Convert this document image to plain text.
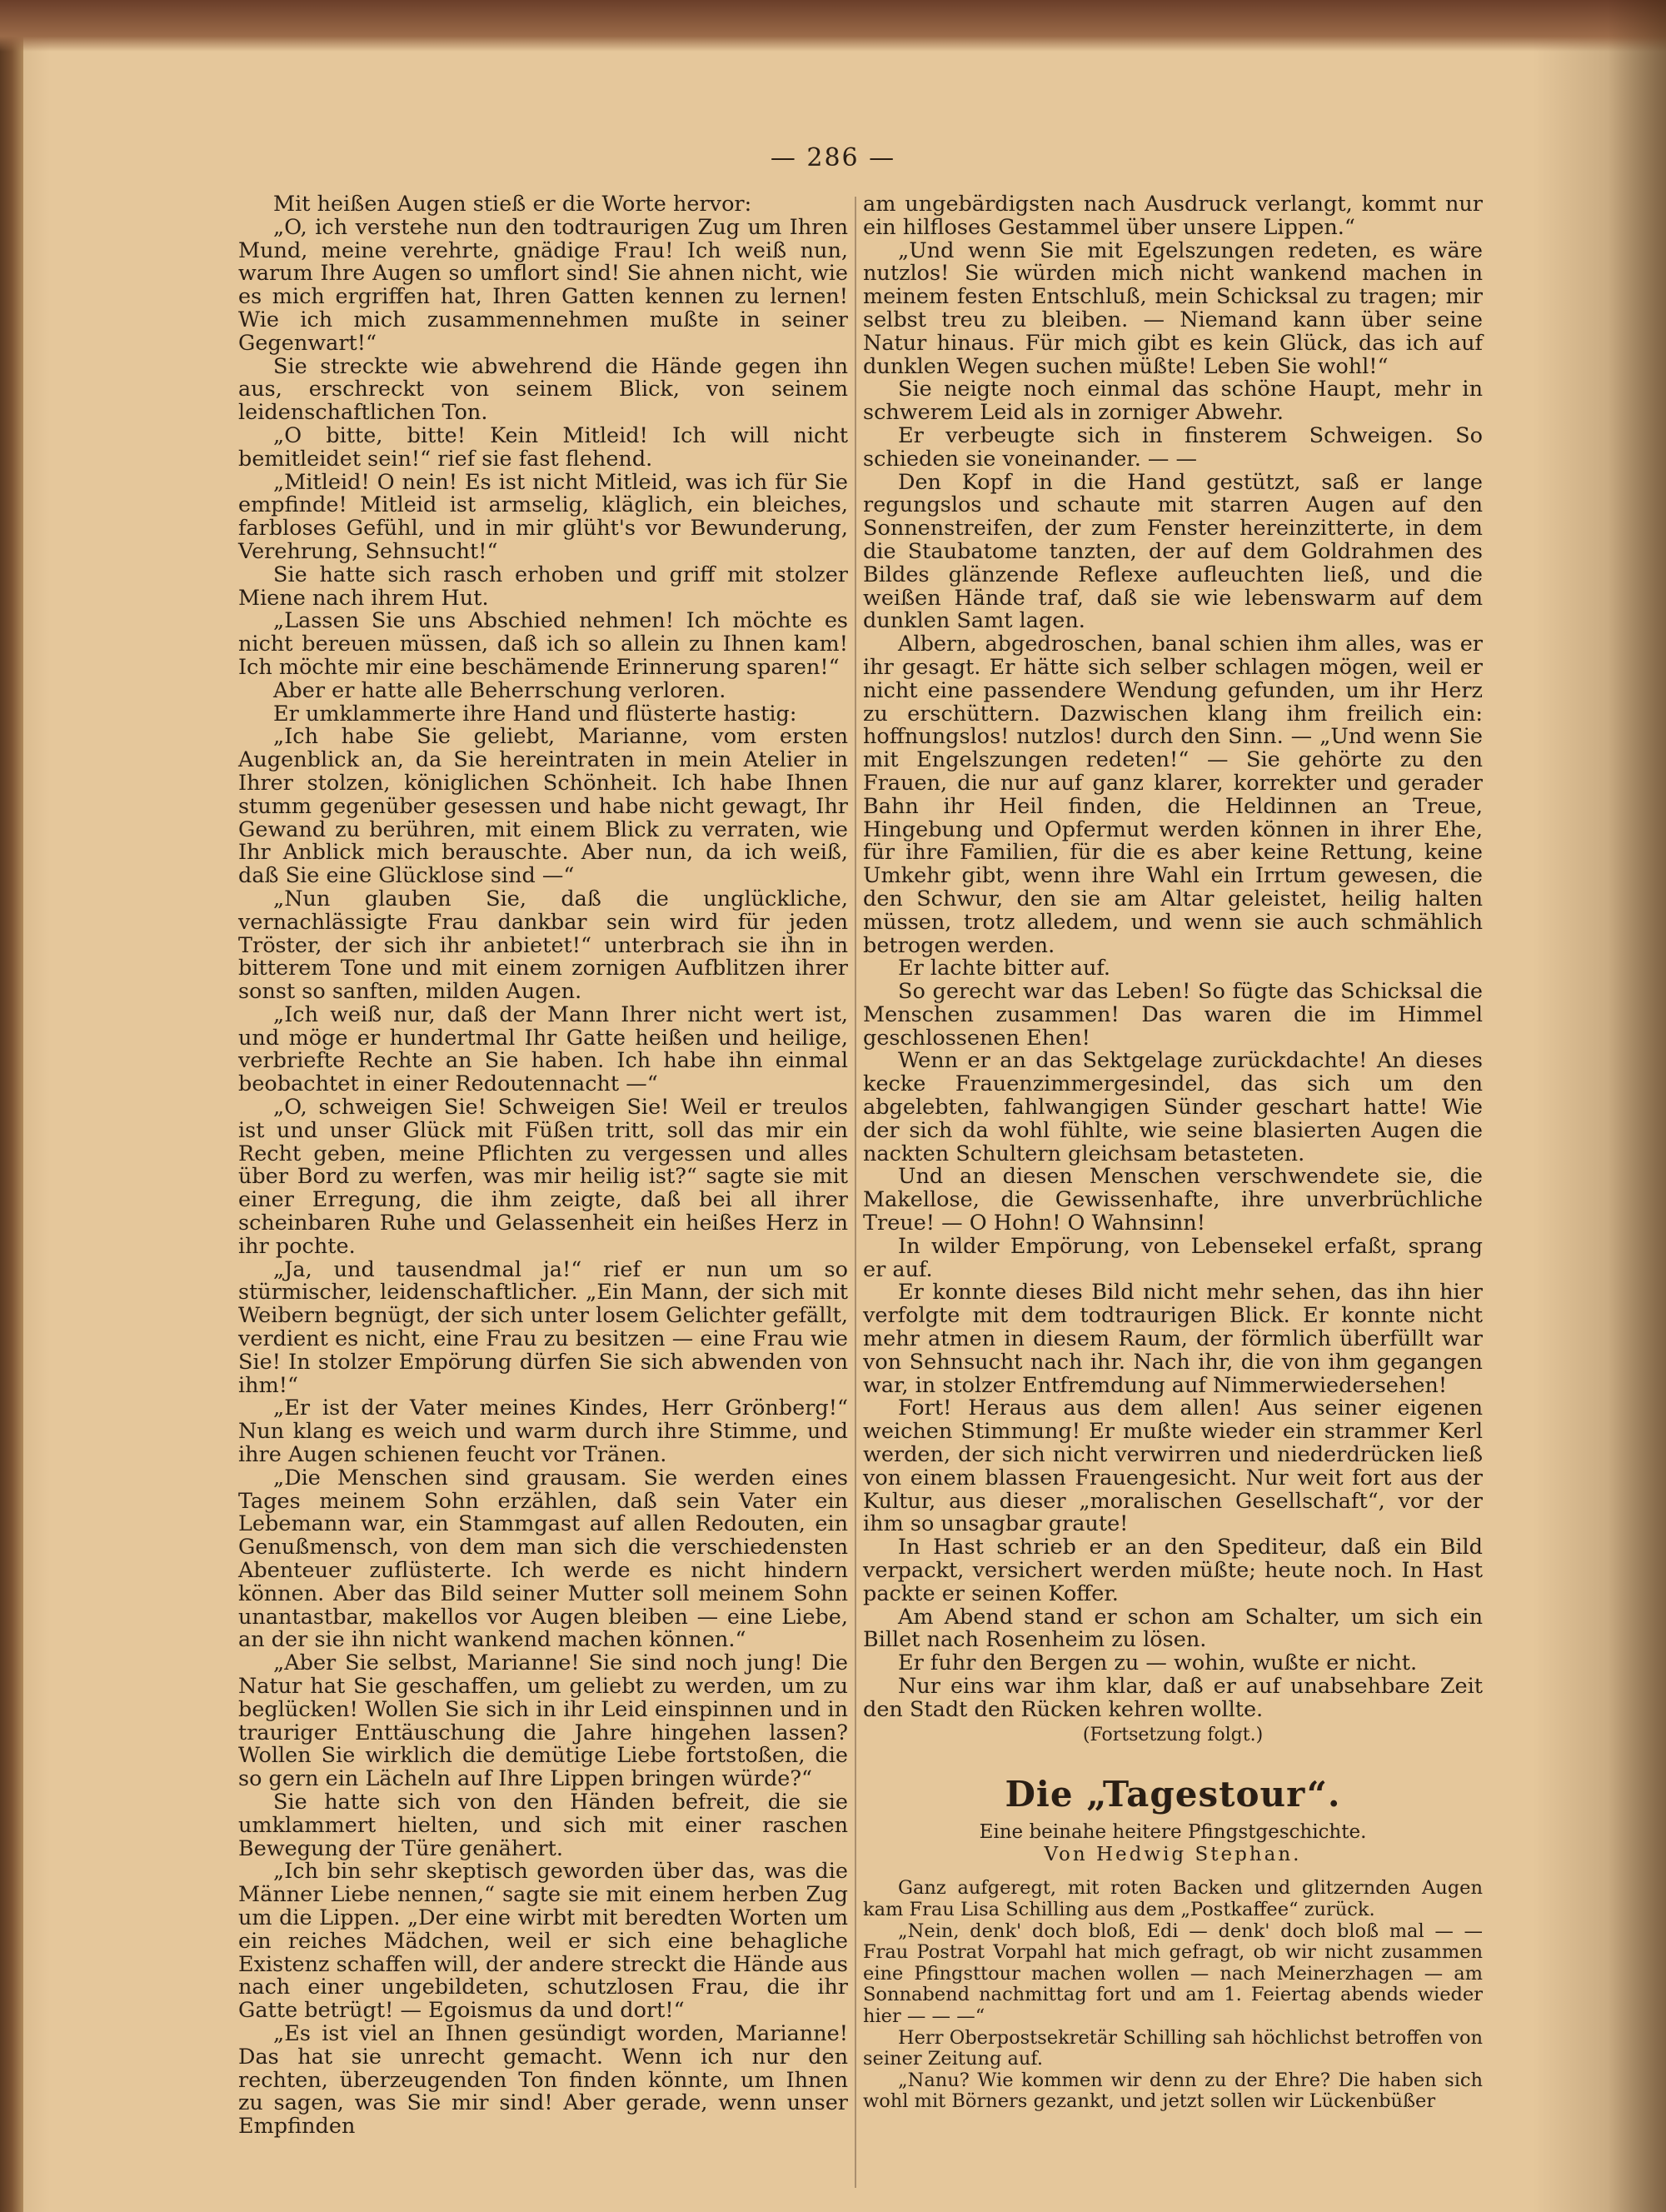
— 286 —

Mit heißen Augen stieß er die Worte hervor:

„O, ich verstehe nun den todtraurigen Zug um Ihren Mund, meine verehrte, gnädige Frau! Ich weiß nun, warum Ihre Augen so umflort sind! Sie ahnen nicht, wie es mich ergriffen hat, Ihren Gatten kennen zu lernen! Wie ich mich zusammennehmen mußte in seiner Gegenwart!“

Sie streckte wie abwehrend die Hände gegen ihn aus, erschreckt von seinem Blick, von seinem leidenschaftlichen Ton.

„O bitte, bitte! Kein Mitleid! Ich will nicht bemitleidet sein!“ rief sie fast flehend.

„Mitleid! O nein! Es ist nicht Mitleid, was ich für Sie empfinde! Mitleid ist armselig, kläglich, ein bleiches, farbloses Gefühl, und in mir glüht's vor Bewunderung, Verehrung, Sehnsucht!“

Sie hatte sich rasch erhoben und griff mit stolzer Miene nach ihrem Hut.

„Lassen Sie uns Abschied nehmen! Ich möchte es nicht bereuen müssen, daß ich so allein zu Ihnen kam! Ich möchte mir eine beschämende Erinnerung sparen!“

Aber er hatte alle Beherrschung verloren.

Er umklammerte ihre Hand und flüsterte hastig:

„Ich habe Sie geliebt, Marianne, vom ersten Augenblick an, da Sie hereintraten in mein Atelier in Ihrer stolzen, königlichen Schönheit. Ich habe Ihnen stumm gegenüber gesessen und habe nicht gewagt, Ihr Gewand zu berühren, mit einem Blick zu verraten, wie Ihr Anblick mich berauschte. Aber nun, da ich weiß, daß Sie eine Glücklose sind —“

„Nun glauben Sie, daß die unglückliche, vernachlässigte Frau dankbar sein wird für jeden Tröster, der sich ihr anbietet!“ unterbrach sie ihn in bitterem Tone und mit einem zornigen Aufblitzen ihrer sonst so sanften, milden Augen.

„Ich weiß nur, daß der Mann Ihrer nicht wert ist, und möge er hundertmal Ihr Gatte heißen und heilige, verbriefte Rechte an Sie haben. Ich habe ihn einmal beobachtet in einer Redoutennacht —“

„O, schweigen Sie! Schweigen Sie! Weil er treulos ist und unser Glück mit Füßen tritt, soll das mir ein Recht geben, meine Pflichten zu vergessen und alles über Bord zu werfen, was mir heilig ist?“ sagte sie mit einer Erregung, die ihm zeigte, daß bei all ihrer scheinbaren Ruhe und Gelassenheit ein heißes Herz in ihr pochte.

„Ja, und tausendmal ja!“ rief er nun um so stürmischer, leidenschaftlicher. „Ein Mann, der sich mit Weibern begnügt, der sich unter losem Gelichter gefällt, verdient es nicht, eine Frau zu besitzen — eine Frau wie Sie! In stolzer Empörung dürfen Sie sich abwenden von ihm!“

„Er ist der Vater meines Kindes, Herr Grönberg!“ Nun klang es weich und warm durch ihre Stimme, und ihre Augen schienen feucht vor Tränen.

„Die Menschen sind grausam. Sie werden eines Tages meinem Sohn erzählen, daß sein Vater ein Lebemann war, ein Stammgast auf allen Redouten, ein Genußmensch, von dem man sich die verschiedensten Abenteuer zuflüsterte. Ich werde es nicht hindern können. Aber das Bild seiner Mutter soll meinem Sohn unantastbar, makellos vor Augen bleiben — eine Liebe, an der sie ihn nicht wankend machen können.“

„Aber Sie selbst, Marianne! Sie sind noch jung! Die Natur hat Sie geschaffen, um geliebt zu werden, um zu beglücken! Wollen Sie sich in ihr Leid einspinnen und in trauriger Enttäuschung die Jahre hingehen lassen? Wollen Sie wirklich die demütige Liebe fortstoßen, die so gern ein Lächeln auf Ihre Lippen bringen würde?“

Sie hatte sich von den Händen befreit, die sie umklammert hielten, und sich mit einer raschen Bewegung der Türe genähert.

„Ich bin sehr skeptisch geworden über das, was die Männer Liebe nennen,“ sagte sie mit einem herben Zug um die Lippen. „Der eine wirbt mit beredten Worten um ein reiches Mädchen, weil er sich eine behagliche Existenz schaffen will, der andere streckt die Hände aus nach einer ungebildeten, schutzlosen Frau, die ihr Gatte betrügt! — Egoismus da und dort!“

„Es ist viel an Ihnen gesündigt worden, Marianne! Das hat sie unrecht gemacht. Wenn ich nur den rechten, überzeugenden Ton finden könnte, um Ihnen zu sagen, was Sie mir sind! Aber gerade, wenn unser Empfinden

am ungebärdigsten nach Ausdruck verlangt, kommt nur ein hilfloses Gestammel über unsere Lippen.“

„Und wenn Sie mit Egelszungen redeten, es wäre nutzlos! Sie würden mich nicht wankend machen in meinem festen Entschluß, mein Schicksal zu tragen; mir selbst treu zu bleiben. — Niemand kann über seine Natur hinaus. Für mich gibt es kein Glück, das ich auf dunklen Wegen suchen müßte! Leben Sie wohl!“

Sie neigte noch einmal das schöne Haupt, mehr in schwerem Leid als in zorniger Abwehr.

Er verbeugte sich in finsterem Schweigen. So schieden sie voneinander. — —

Den Kopf in die Hand gestützt, saß er lange regungslos und schaute mit starren Augen auf den Sonnenstreifen, der zum Fenster hereinzitterte, in dem die Staubatome tanzten, der auf dem Goldrahmen des Bildes glänzende Reflexe aufleuchten ließ, und die weißen Hände traf, daß sie wie lebenswarm auf dem dunklen Samt lagen.

Albern, abgedroschen, banal schien ihm alles, was er ihr gesagt. Er hätte sich selber schlagen mögen, weil er nicht eine passendere Wendung gefunden, um ihr Herz zu erschüttern. Dazwischen klang ihm freilich ein: hoffnungslos! nutzlos! durch den Sinn. — „Und wenn Sie mit Engelszungen redeten!“ — Sie gehörte zu den Frauen, die nur auf ganz klarer, korrekter und gerader Bahn ihr Heil finden, die Heldinnen an Treue, Hingebung und Opfermut werden können in ihrer Ehe, für ihre Familien, für die es aber keine Rettung, keine Umkehr gibt, wenn ihre Wahl ein Irrtum gewesen, die den Schwur, den sie am Altar geleistet, heilig halten müssen, trotz alledem, und wenn sie auch schmählich betrogen werden.

Er lachte bitter auf.

So gerecht war das Leben! So fügte das Schicksal die Menschen zusammen! Das waren die im Himmel geschlossenen Ehen!

Wenn er an das Sektgelage zurückdachte! An dieses kecke Frauenzimmergesindel, das sich um den abgelebten, fahlwangigen Sünder geschart hatte! Wie der sich da wohl fühlte, wie seine blasierten Augen die nackten Schultern gleichsam betasteten.

Und an diesen Menschen verschwendete sie, die Makellose, die Gewissenhafte, ihre unverbrüchliche Treue! — O Hohn! O Wahnsinn!

In wilder Empörung, von Lebensekel erfaßt, sprang er auf.

Er konnte dieses Bild nicht mehr sehen, das ihn hier verfolgte mit dem todtraurigen Blick. Er konnte nicht mehr atmen in diesem Raum, der förmlich überfüllt war von Sehnsucht nach ihr. Nach ihr, die von ihm gegangen war, in stolzer Entfremdung auf Nimmerwiedersehen!

Fort! Heraus aus dem allen! Aus seiner eigenen weichen Stimmung! Er mußte wieder ein strammer Kerl werden, der sich nicht verwirren und niederdrücken ließ von einem blassen Frauengesicht. Nur weit fort aus der Kultur, aus dieser „moralischen Gesellschaft“, vor der ihm so unsagbar graute!

In Hast schrieb er an den Spediteur, daß ein Bild verpackt, versichert werden müßte; heute noch. In Hast packte er seinen Koffer.

Am Abend stand er schon am Schalter, um sich ein Billet nach Rosenheim zu lösen.

Er fuhr den Bergen zu — wohin, wußte er nicht.

Nur eins war ihm klar, daß er auf unabsehbare Zeit den Stadt den Rücken kehren wollte.

(Fortsetzung folgt.)

Die „Tagestour“.

Eine beinahe heitere Pfingstgeschichte.

Von Hedwig Stephan.

Ganz aufgeregt, mit roten Backen und glitzernden Augen kam Frau Lisa Schilling aus dem „Postkaffee“ zurück.

„Nein, denk' doch bloß, Edi — denk' doch bloß mal — — Frau Postrat Vorpahl hat mich gefragt, ob wir nicht zusammen eine Pfingsttour machen wollen — nach Meinerzhagen — am Sonnabend nachmittag fort und am 1. Feiertag abends wieder hier — — —“

Herr Oberpostsekretär Schilling sah höchlichst betroffen von seiner Zeitung auf.

„Nanu? Wie kommen wir denn zu der Ehre? Die haben sich wohl mit Börners gezankt, und jetzt sollen wir Lückenbüßer
